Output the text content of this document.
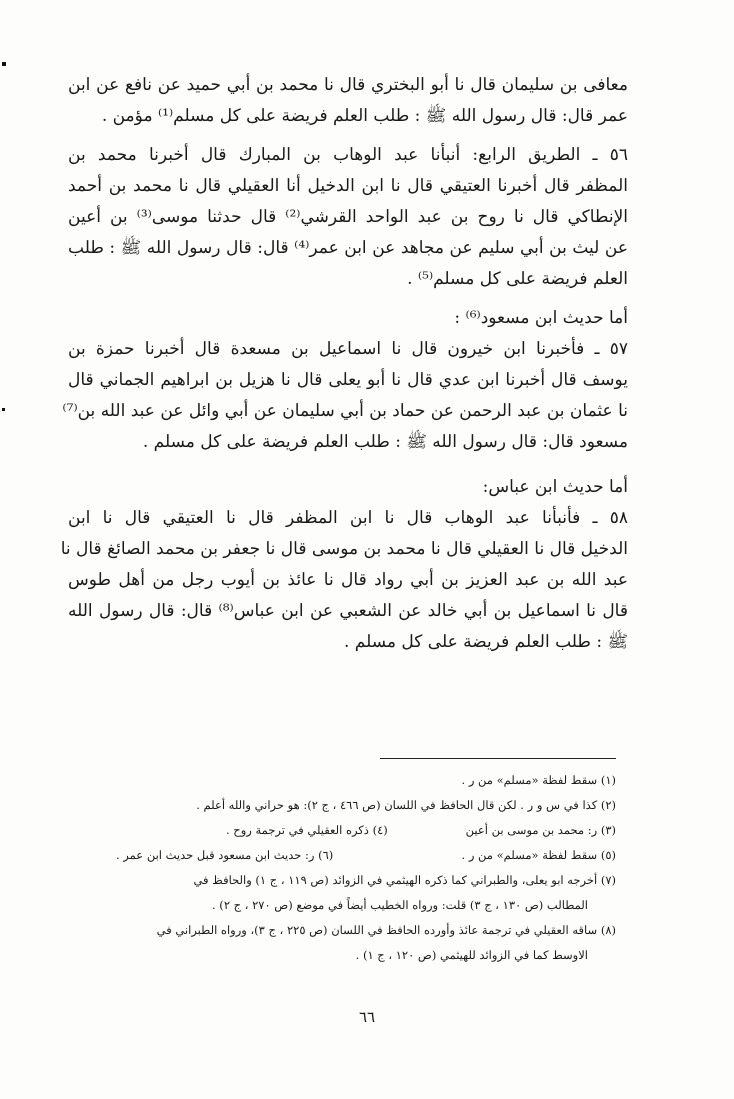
معافى بن سليمان قال نا أبو البختري قال نا محمد بن أبي حميد عن نافع عن ابن
عمر قال: قال رسول الله ﷺ : طلب العلم فريضة على كل مسلم⁽¹⁾ مؤمن .
٥٦ ـ الطريق الرابع: أنبأنا عبد الوهاب بن المبارك قال أخبرنا محمد بن
المظفر قال أخبرنا العتيقي قال نا ابن الدخيل أنا العقيلي قال نا محمد بن أحمد
الإنطاكي قال نا روح بن عبد الواحد القرشي⁽²⁾ قال حدثنا موسى⁽³⁾ بن أعين
عن ليث بن أبي سليم عن مجاهد عن ابن عمر⁽⁴⁾ قال: قال رسول الله ﷺ : طلب
العلم فريضة على كل مسلم⁽⁵⁾ .
أما حديث ابن مسعود⁽⁶⁾ :
٥٧ ـ فأخبرنا ابن خيرون قال نا اسماعيل بن مسعدة قال أخبرنا حمزة بن
يوسف قال أخبرنا ابن عدي قال نا أبو يعلى قال نا هزيل بن ابراهيم الجماني قال
نا عثمان بن عبد الرحمن عن حماد بن أبي سليمان عن أبي وائل عن عبد الله بن⁽⁷⁾
مسعود قال: قال رسول الله ﷺ : طلب العلم فريضة على كل مسلم .
أما حديث ابن عباس:
٥٨ ـ فأنبأنا عبد الوهاب قال نا ابن المظفر قال نا العتيقي قال نا ابن
الدخيل قال نا العقيلي قال نا محمد بن موسى قال نا جعفر بن محمد الصائغ قال نا
عبد الله بن عبد العزيز بن أبي رواد قال نا عائذ بن أيوب رجل من أهل طوس
قال نا اسماعيل بن أبي خالد عن الشعبي عن ابن عباس⁽⁸⁾ قال: قال رسول الله
ﷺ : طلب العلم فريضة على كل مسلم .
(١) سقط لفظة «مسلم» من ر .
(٢) كذا في س و ر . لكن قال الحافظ في اللسان (ص ٤٦٦ ، ج ٢): هو حراني والله أعلم .
(٣) ر: محمد بن موسى بن أعين
(٤) ذكره العقيلي في ترجمة روح .
(٥) سقط لفظة «مسلم» من ر .
(٦) ر: حديث ابن مسعود قبل حديث ابن عمر .
(٧) أخرجه ابو يعلى، والطبراني كما ذكره الهيثمي في الزوائد (ص ١١٩ ، ج ١) والحافظ في
المطالب (ص ١٣٠ ، ج ٣) قلت: ورواه الخطيب أيضاً في موضع (ص ٢٧٠ ، ج ٢) .
(٨) ساقه العقيلي في ترجمة عائذ وأورده الحافظ في اللسان (ص ٢٢٥ ، ج ٣)، ورواه الطبراني في
الاوسط كما في الزوائد للهيثمي (ص ١٢٠ ، ج ١) .
٦٦
